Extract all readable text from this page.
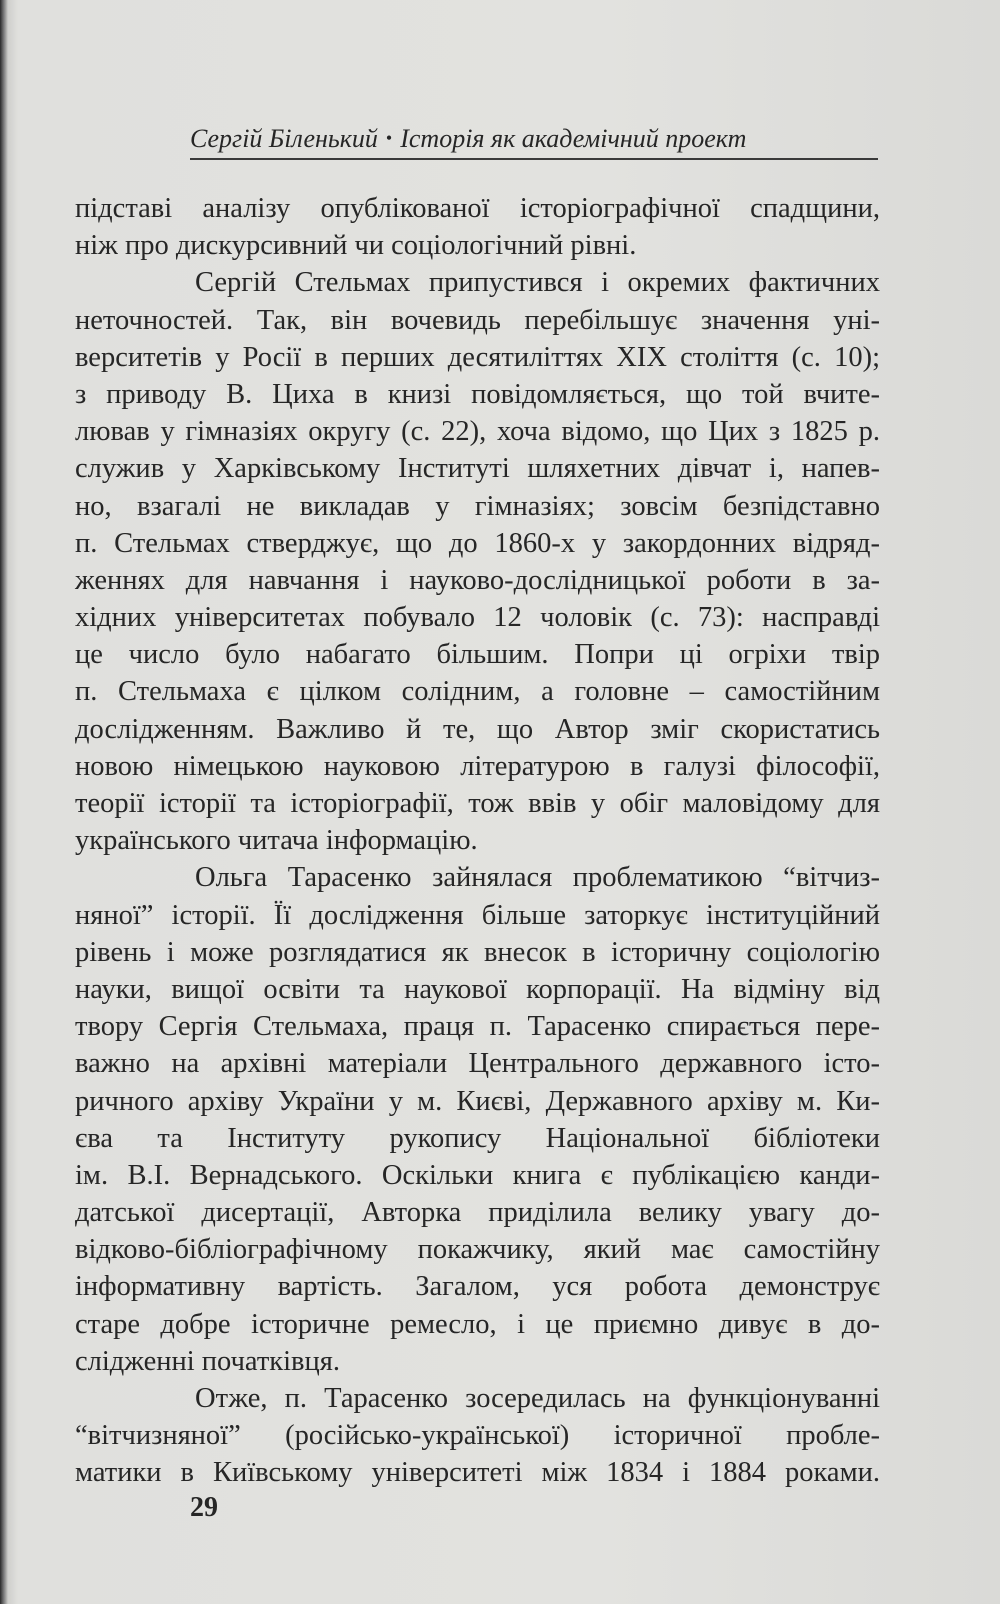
Сергій Біленький • Історія як академічний проект
підставі аналізу опублікованої історіографічної спадщини,
ніж про дискурсивний чи соціологічний рівні.
Сергій Стельмах припустився і окремих фактичних
неточностей. Так, він вочевидь перебільшує значення уні-
верситетів у Росії в перших десятиліттях XIX століття (с. 10);
з приводу В. Циха в книзі повідомляється, що той вчите-
лював у гімназіях округу (с. 22), хоча відомо, що Цих з 1825 р.
служив у Харківському Інституті шляхетних дівчат і, напев-
но, взагалі не викладав у гімназіях; зовсім безпідставно
п. Стельмах стверджує, що до 1860-х у закордонних відряд-
женнях для навчання і науково-дослідницької роботи в за-
хідних університетах побувало 12 чоловік (с. 73): насправді
це число було набагато більшим. Попри ці огріхи твір
п. Стельмаха є цілком солідним, а головне – самостійним
дослідженням. Важливо й те, що Автор зміг скористатись
новою німецькою науковою літературою в галузі філософії,
теорії історії та історіографії, тож ввів у обіг маловідому для
українського читача інформацію.
Ольга Тарасенко зайнялася проблематикою “вітчиз-
няної” історії. Її дослідження більше заторкує інституційний
рівень і може розглядатися як внесок в історичну соціологію
науки, вищої освіти та наукової корпорації. На відміну від
твору Сергія Стельмаха, праця п. Тарасенко спирається пере-
важно на архівні матеріали Центрального державного істо-
ричного архіву України у м. Києві, Державного архіву м. Ки-
єва та Інституту рукопису Національної бібліотеки
ім. В.І. Вернадського. Оскільки книга є публікацією канди-
датської дисертації, Авторка приділила велику увагу до-
відково-бібліографічному покажчику, який має самостійну
інформативну вартість. Загалом, уся робота демонструє
старе добре історичне ремесло, і це приємно дивує в до-
слідженні початківця.
Отже, п. Тарасенко зосередилась на функціонуванні
“вітчизняної” (російсько-української) історичної пробле-
матики в Київському університеті між 1834 і 1884 роками.
29
